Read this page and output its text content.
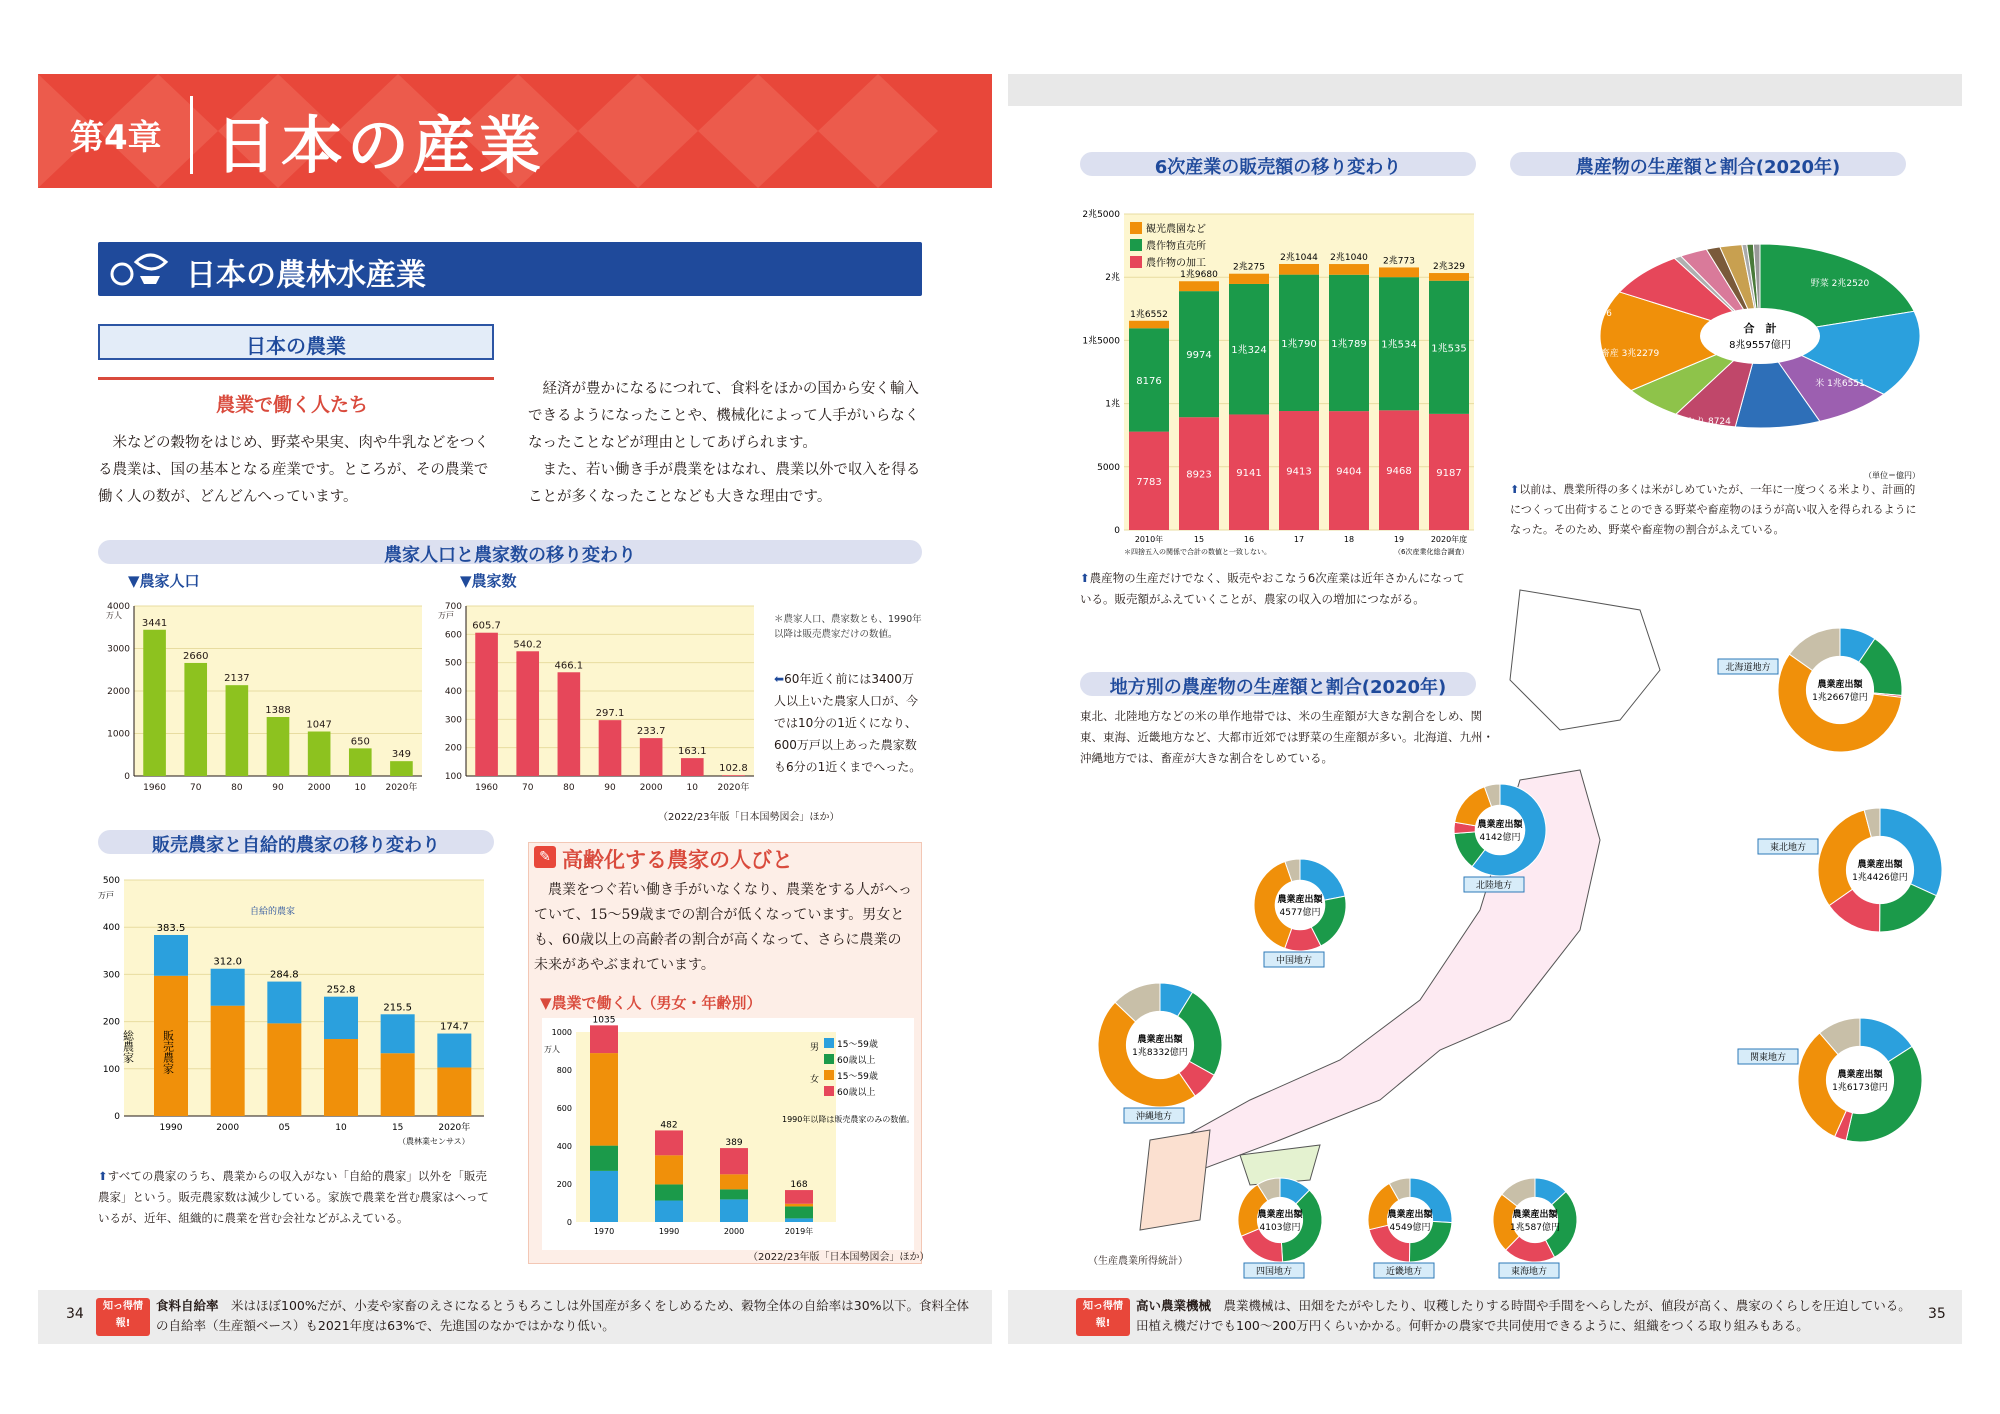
第4章 日本の産業
日本の農林水産業
日本の農業
農業で働く人たち
米などの穀物をはじめ、野菜や果実、肉や牛乳などをつくる農業は、国の基本となる産業です。ところが、その農業で働く人の数が、どんどんへっています。
経済が豊かになるにつれて、食料をほかの国から安く輸入できるようになったことや、機械化によって人手がいらなくなったことなどが理由としてあげられます。
また、若い働き手が農業をはなれ、農業以外で収入を得ることが多くなったことなども大きな理由です。
農家人口と農家数の移り変わり
▼農家人口
0
1000
2000
3000
4000
万人
3441
1960
2660
70
2137
80
1388
90
1047
2000
650
10
349
2020年
▼農家数
100
200
300
400
500
600
700
万戸
605.7
1960
540.2
70
466.1
80
297.1
90
233.7
2000
163.1
10
102.8
2020年
（2022/23年版「日本国勢図会」ほか）
＊農家人口、農家数とも、1990年以降は販売農家だけの数値。
⬅60年近く前には3400万人以上いた農家人口が、今では10分の1近くになり、600万戸以上あった農家数も6分の1近くまでへった。
販売農家と自給的農家の移り変わり
0
100
200
300
400
500
万戸
383.5
1990
312.0
2000
284.8
05
252.8
10
215.5
15
174.7
2020年
（農林業センサス）
自給的農家
総農家 販売農家
⬆すべての農家のうち、農業からの収入がない「自給的農家」以外を「販売農家」という。販売農家数は減少している。家族で農業を営む農家はへっているが、近年、組織的に農業を営む会社などがふえている。
✎ 高齢化する農家の人びと
農業をつぐ若い働き手がいなくなり、農業をする人がへっていて、15〜59歳までの割合が低くなっています。男女とも、60歳以上の高齢者の割合が高くなって、さらに農業の未来があやぶまれています。
▼農業で働く人（男女・年齢別）
0
200
400
600
800
1000
万人
1035
1970
482
1990
389
2000
168
2019年
15〜59歳
60歳以上
15〜59歳
60歳以上
男
女
1990年以降は販売農家のみの数値。
（2022/23年版「日本国勢図会」ほか）
6次産業の販売額の移り変わり
0
5000
1兆
1兆5000
2兆
2兆5000
7783
8176
1兆6552
2010年
8923
9974
1兆9680
15
9141
1兆324
2兆275
16
9413
1兆790
2兆1044
17
9404
1兆789
2兆1040
18
9468
1兆534
2兆773
19
9187
1兆535
2兆329
2020年度
観光農園など
農作物直売所
農作物の加工
＊四捨五入の関係で合計の数値と一致しない。	（6次産業化総合調査）
⬆農産物の生産だけでなく、販売やおこなう6次産業は近年さかんになっている。販売額がふえていくことが、農家の収入の増加につながる。
農産物の生産額と割合(2020年)
合　計
8兆9557億円
野菜 2兆2520
米 1兆6551
にわとり 8724
乳牛 9310
肉牛 6863
ぶた 6596
畜産 3兆2279
果実 8741
（単位＝億円）
⬆以前は、農業所得の多くは米がしめていたが、一年に一度つくる米より、計画的につくって出荷することのできる野菜や畜産物のほうが高い収入を得られるようになった。そのため、野菜や畜産物の割合がふえている。
地方別の農産物の生産額と割合(2020年)
東北、北陸地方などの米の単作地帯では、米の生産額が大きな割合をしめ、関東、東海、近畿地方など、大都市近郊では野菜の生産額が多い。北海道、九州・沖縄地方では、畜産が大きな割合をしめている。
農業産出額
1兆2667億円
北海道地方
農業産出額
1兆4426億円
東北地方
農業産出額
1兆6173億円
関東地方
農業産出額
4142億円
北陸地方
農業産出額
4577億円
中国地方
農業産出額
1兆8332億円
沖縄地方
農業産出額
4103億円
四国地方
農業産出額
4549億円
近畿地方
農業産出額
1兆587億円
東海地方
（生産農業所得統計）
34	知っ得情報!
食料自給率　 米はほぼ100%だが、小麦や家畜のえさになるとうもろこしは外国産が多くをしめるため、穀物全体の自給率は30%以下。食料全体の自給率（生産額ベース）も2021年度は63%で、先進国のなかではかなり低い。
知っ得情報!
高い農業機械　 農業機械は、田畑をたがやしたり、収穫したりする時間や手間をへらしたが、値段が高く、農家のくらしを圧迫している。田植え機だけでも100〜200万円くらいかかる。何軒かの農家で共同使用できるように、組織をつくる取り組みもある。
35
